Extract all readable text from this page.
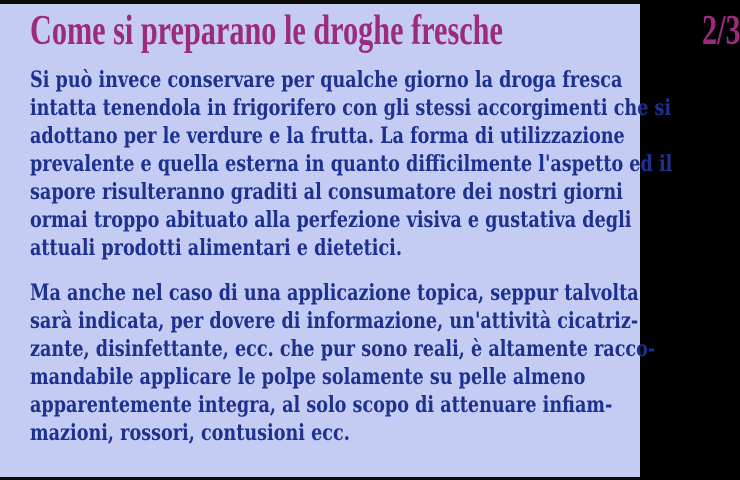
Come si preparano le droghe fresche	2/3
Si può invece conservare per qualche giorno la droga fresca
intatta tenendola in frigorifero con gli stessi accorgimenti che si
adottano per le verdure e la frutta. La forma di utilizzazione
prevalente e quella esterna in quanto difficilmente l'aspetto ed il
sapore risulteranno graditi al consumatore dei nostri giorni
ormai troppo abituato alla perfezione visiva e gustativa degli
attuali prodotti alimentari e dietetici.
Ma anche nel caso di una applicazione topica, seppur talvolta
sarà indicata, per dovere di informazione, un'attività cicatriz-
zante, disinfettante, ecc. che pur sono reali, è altamente racco-
mandabile applicare le polpe solamente su pelle almeno
apparentemente integra, al solo scopo di attenuare infiam-
mazioni, rossori, contusioni ecc.
